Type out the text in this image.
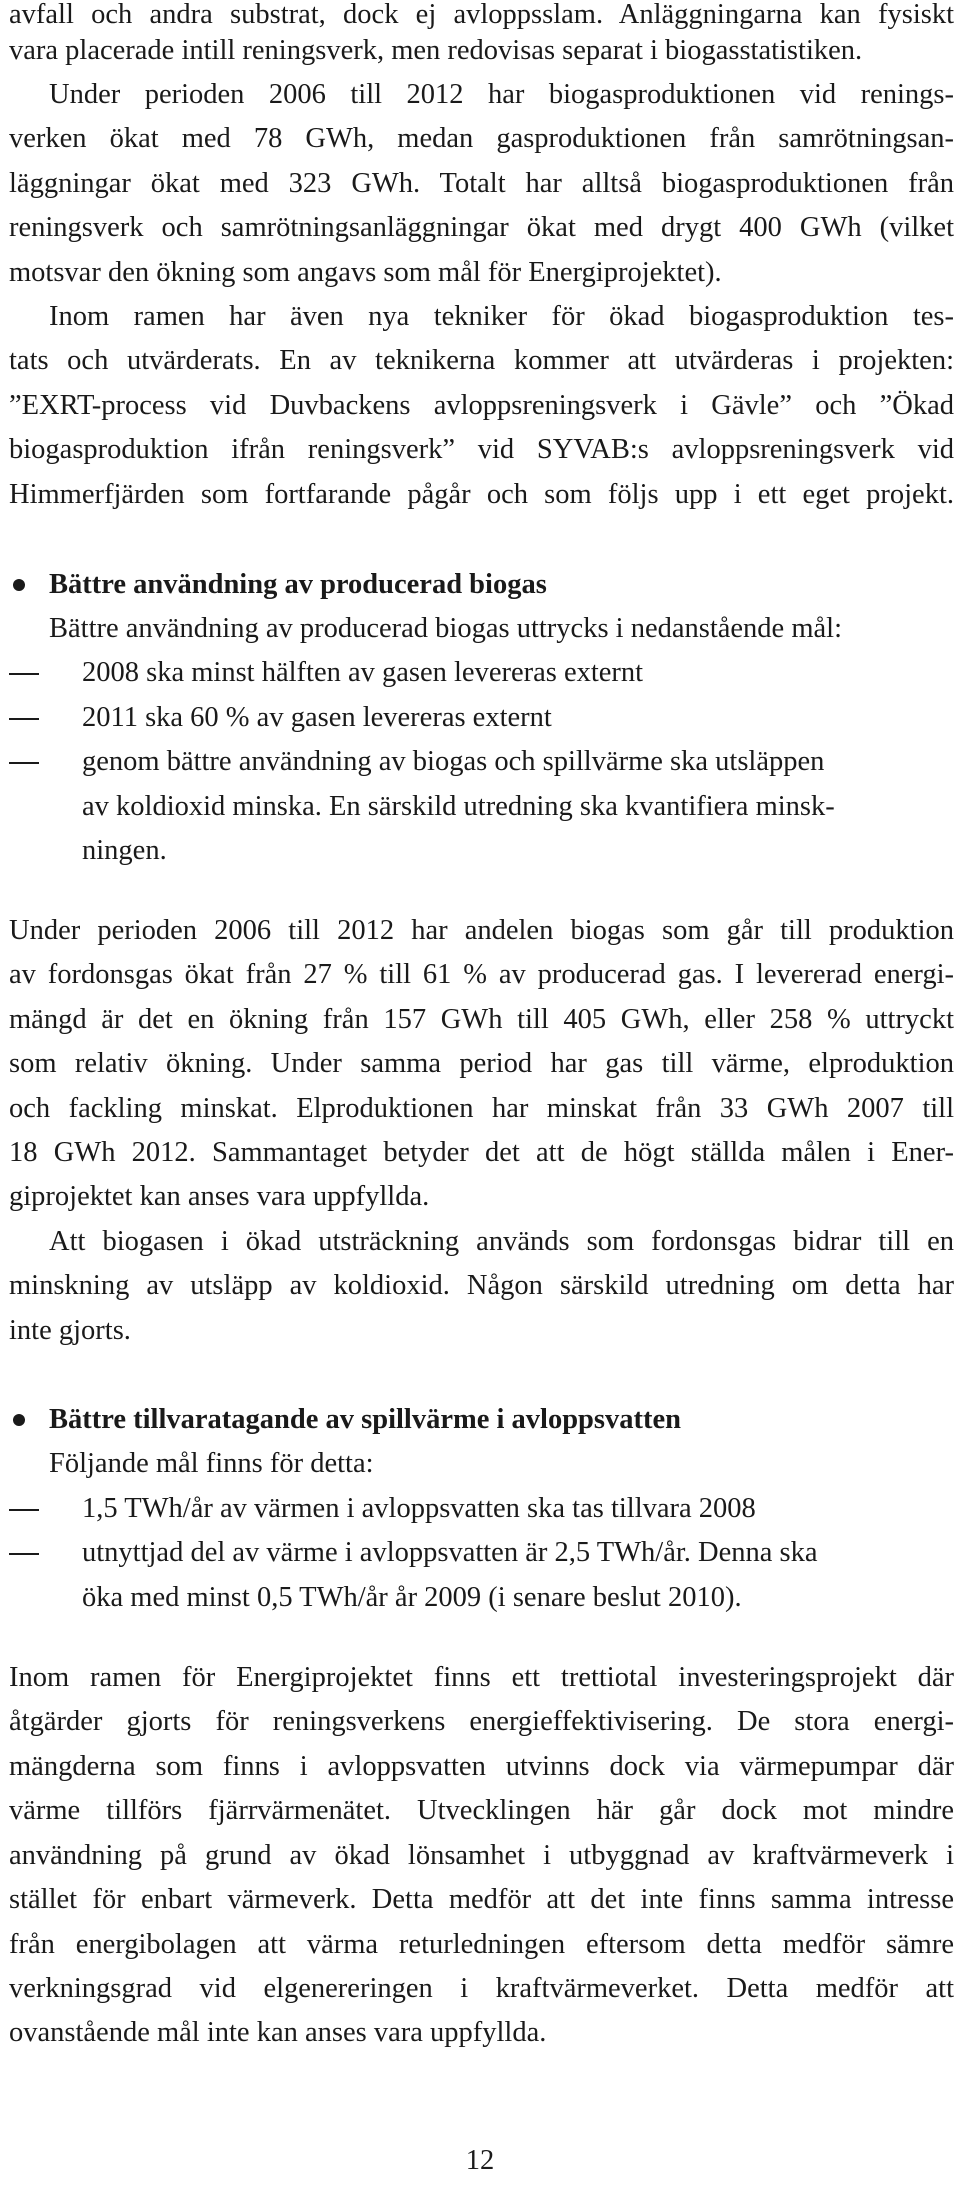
avfall och andra substrat, dock ej avloppsslam. Anläggningarna kan fysiskt
vara placerade intill reningsverk, men redovisas separat i biogasstatistiken.
Under perioden 2006 till 2012 har biogasproduktionen vid renings-
verken ökat med 78 GWh, medan gasproduktionen från samrötningsan-
läggningar ökat med 323 GWh. Totalt har alltså biogasproduktionen från
reningsverk och samrötningsanläggningar ökat med drygt 400 GWh (vilket
motsvar den ökning som angavs som mål för Energiprojektet).
Inom ramen har även nya tekniker för ökad biogasproduktion tes-
tats och utvärderats. En av teknikerna kommer att utvärderas i projekten:
”EXRT-process vid Duvbackens avloppsreningsverk i Gävle” och ”Ökad
biogasproduktion ifrån reningsverk” vid SYVAB:s avloppsreningsverk vid
Himmerfjärden som fortfarande pågår och som följs upp i ett eget projekt.
Bättre användning av producerad biogas
Bättre användning av producerad biogas uttrycks i nedanstående mål:
2008 ska minst hälften av gasen levereras externt
2011 ska 60 % av gasen levereras externt
genom bättre användning av biogas och spillvärme ska utsläppen
av koldioxid minska. En särskild utredning ska kvantifiera minsk-
ningen.
Under perioden 2006 till 2012 har andelen biogas som går till produktion
av fordonsgas ökat från 27 % till 61 % av producerad gas. I levererad energi-
mängd är det en ökning från 157 GWh till 405 GWh, eller 258 % uttryckt
som relativ ökning. Under samma period har gas till värme, elproduktion
och fackling minskat. Elproduktionen har minskat från 33 GWh 2007 till
18 GWh 2012. Sammantaget betyder det att de högt ställda målen i Ener-
giprojektet kan anses vara uppfyllda.
Att biogasen i ökad utsträckning används som fordonsgas bidrar till en
minskning av utsläpp av koldioxid. Någon särskild utredning om detta har
inte gjorts.
Bättre tillvaratagande av spillvärme i avloppsvatten
Följande mål finns för detta:
1,5 TWh/år av värmen i avloppsvatten ska tas tillvara 2008
utnyttjad del av värme i avloppsvatten är 2,5 TWh/år. Denna ska
öka med minst 0,5 TWh/år år 2009 (i senare beslut 2010).
Inom ramen för Energiprojektet finns ett trettiotal investeringsprojekt där
åtgärder gjorts för reningsverkens energieffektivisering. De stora energi-
mängderna som finns i avloppsvatten utvinns dock via värmepumpar där
värme tillförs fjärrvärmenätet. Utvecklingen här går dock mot mindre
användning på grund av ökad lönsamhet i utbyggnad av kraftvärmeverk i
stället för enbart värmeverk. Detta medför att det inte finns samma intresse
från energibolagen att värma returledningen eftersom detta medför sämre
verkningsgrad vid elgenereringen i kraftvärmeverket. Detta medför att
ovanstående mål inte kan anses vara uppfyllda.
12
